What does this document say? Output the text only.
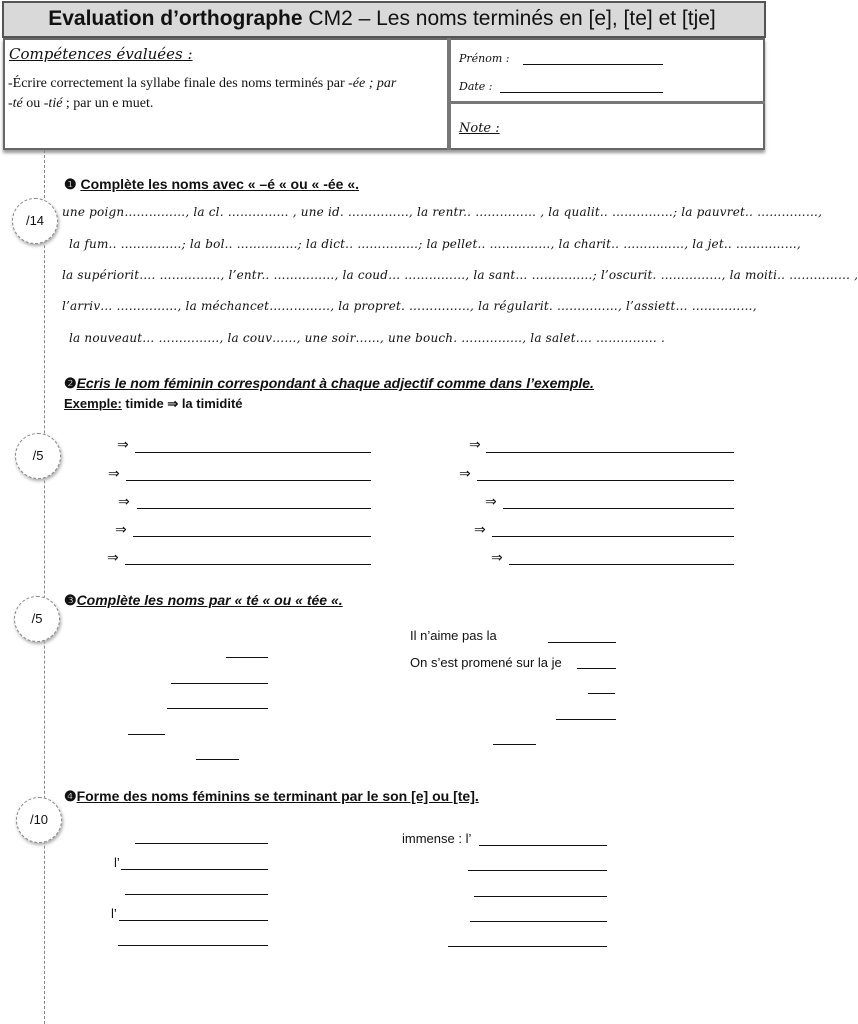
Evaluation d’orthographe CM2 – Les noms terminés en [e], [te] et [tje]
Compétences évaluées :
-Écrire correctement la syllabe finale des noms terminés par -ée ; par
-té ou -tié ; par un e muet.
Prénom :
Date :
Note :
/14
❶ Complète les noms avec « –é « ou « -ée «.
une poign……………, la cl. …………… , une id. ……………, la rentr.. …………… , la qualit.. ……………; la pauvret.. ……………,
la fum.. ……………; la bol.. ……………; la dict.. ……………; la pellet.. ……………, la charit.. ……………, la jet.. ……………,
la supériorit…. ……………, l’entr.. ……………, la coud… ……………, la sant… ……………; l’oscurit. ……………, la moiti.. …………… ,
l’arriv… ……………, la méchancet……………, la propret. ……………, la régularit. ……………, l’assiett… ……………,
la nouveaut… ……………, la couv……, une soir……, une bouch. ……………, la salet…. …………… .
/5
❷Ecris le nom féminin correspondant à chaque adjectif comme dans l’exemple.
Exemple: timide ⇒ la timidité
⇒
⇒
⇒
⇒
⇒
⇒
⇒
⇒
⇒
⇒
/5
❸Complète les noms par « té « ou « tée «.
Il n’aime pas la
On s’est promené sur la je
/10
❹Forme des noms féminins se terminant par le son [e] ou [te].
l’
l’
immense : l’
